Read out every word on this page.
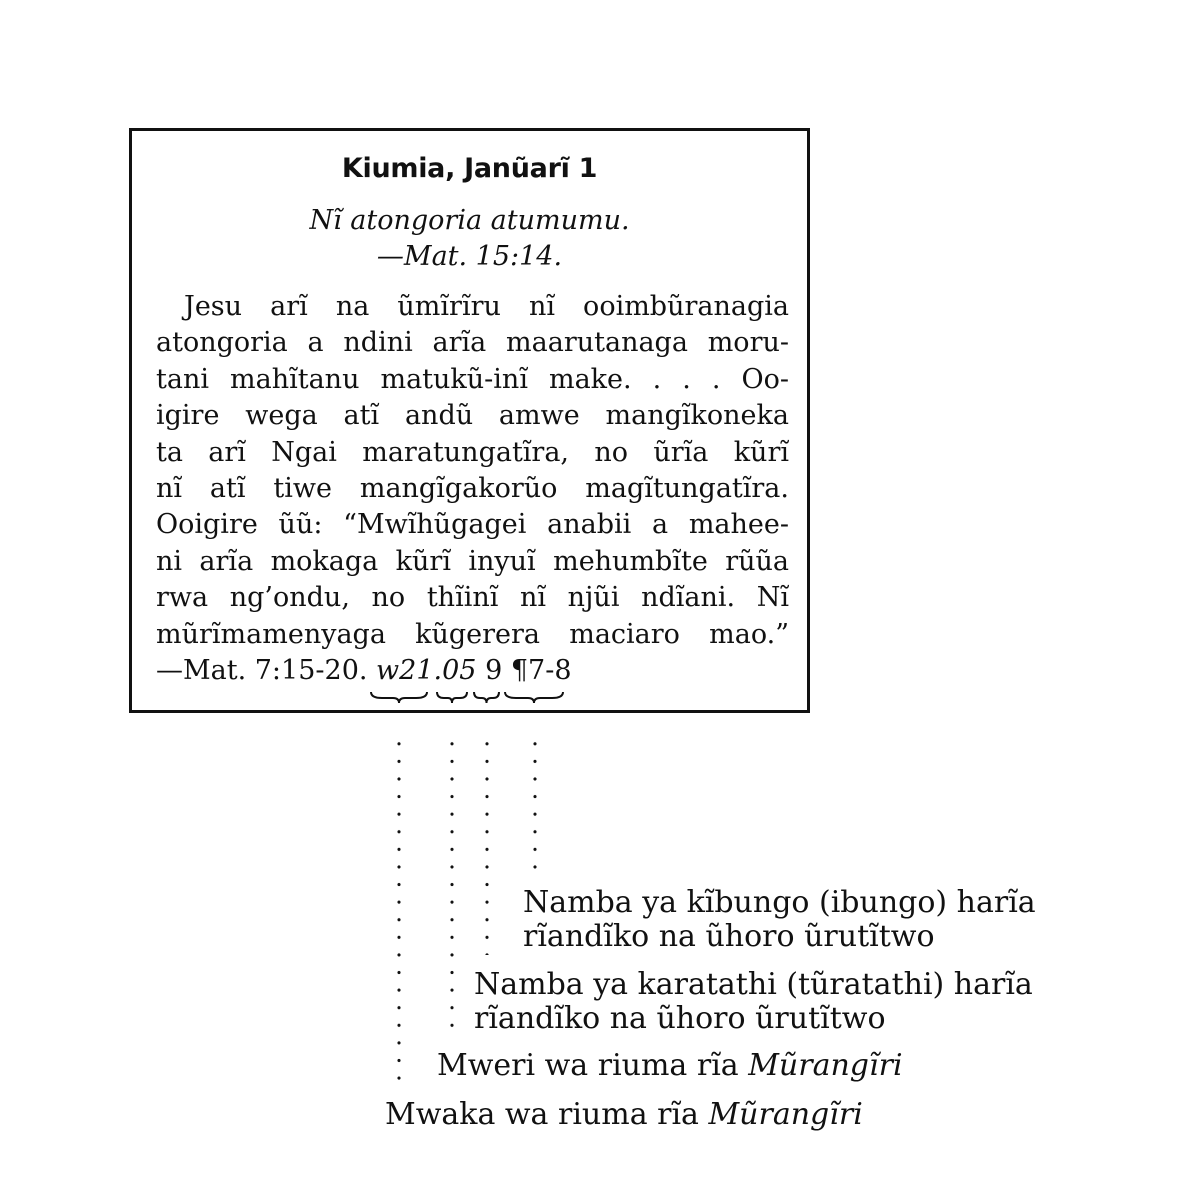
Kiumia, Janũarĩ 1
Nĩ atongoria atumumu.
—Mat. 15:14.
Jesu arĩ na ũmĩrĩru nĩ ooimbũranagia
atongoria a ndini arĩa maarutanaga moru-
tani mahĩtanu matukũ-inĩ make. . . . Oo-
igire wega atĩ andũ amwe mangĩkoneka
ta arĩ Ngai maratungatĩra, no ũrĩa kũrĩ
nĩ atĩ tiwe mangĩgakorũo magĩtungatĩra.
Ooigire ũũ: “Mwĩhũgagei anabii a mahee-
ni arĩa mokaga kũrĩ inyuĩ mehumbĩte rũũa
rwa ng’ondu, no thĩinĩ nĩ njũi ndĩani. Nĩ
mũrĩmamenyaga kũgerera maciaro mao.”
—Mat. 7:15-20. w21.05 9 ¶7-8
Namba ya kĩbungo (ibungo) harĩa
rĩandĩko na ũhoro ũrutĩtwo
Namba ya karatathi (tũratathi) harĩa
rĩandĩko na ũhoro ũrutĩtwo
Mweri wa riuma rĩa Mũrangĩri
Mwaka wa riuma rĩa Mũrangĩri
